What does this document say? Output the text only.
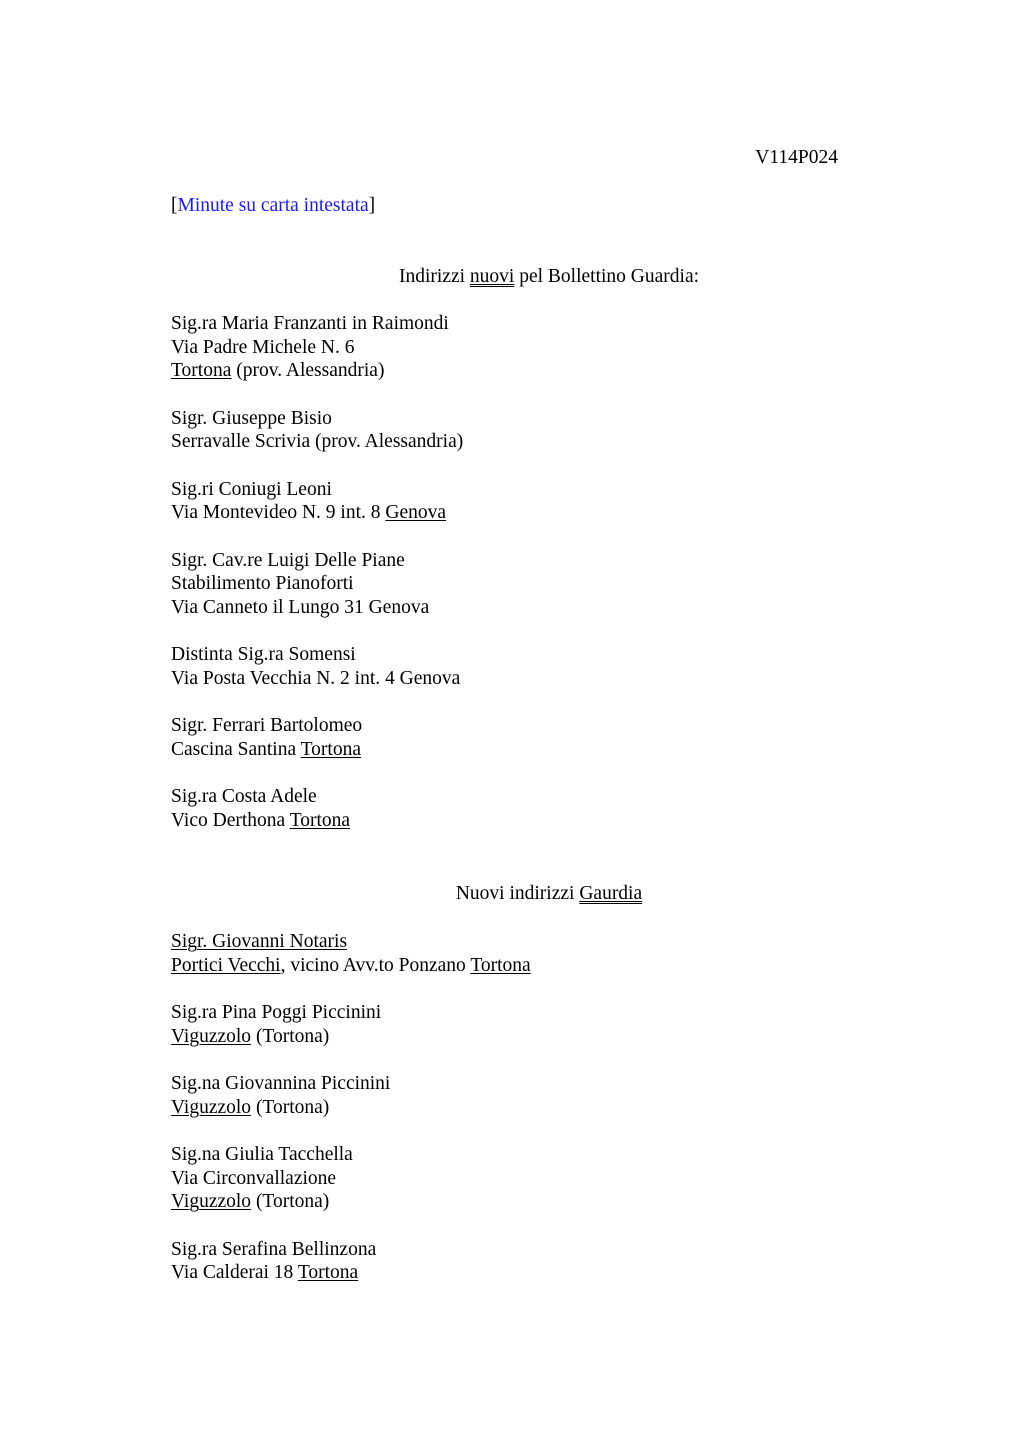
V114P024
[Minute su carta intestata]
Indirizzi nuovi pel Bollettino Guardia:
Sig.ra Maria Franzanti in Raimondi
Via Padre Michele N. 6
Tortona (prov. Alessandria)
Sigr. Giuseppe Bisio
Serravalle Scrivia (prov. Alessandria)
Sig.ri Coniugi Leoni
Via Montevideo N. 9 int. 8 Genova
Sigr. Cav.re Luigi Delle Piane
Stabilimento Pianoforti
Via Canneto il Lungo 31 Genova
Distinta Sig.ra Somensi
Via Posta Vecchia N. 2 int. 4 Genova
Sigr. Ferrari Bartolomeo
Cascina Santina Tortona
Sig.ra Costa Adele
Vico Derthona Tortona
Nuovi indirizzi Gaurdia
Sigr. Giovanni Notaris
Portici Vecchi, vicino Avv.to Ponzano Tortona
Sig.ra Pina Poggi Piccinini
Viguzzolo (Tortona)
Sig.na Giovannina Piccinini
Viguzzolo (Tortona)
Sig.na Giulia Tacchella
Via Circonvallazione
Viguzzolo (Tortona)
Sig.ra Serafina Bellinzona
Via Calderai 18 Tortona
